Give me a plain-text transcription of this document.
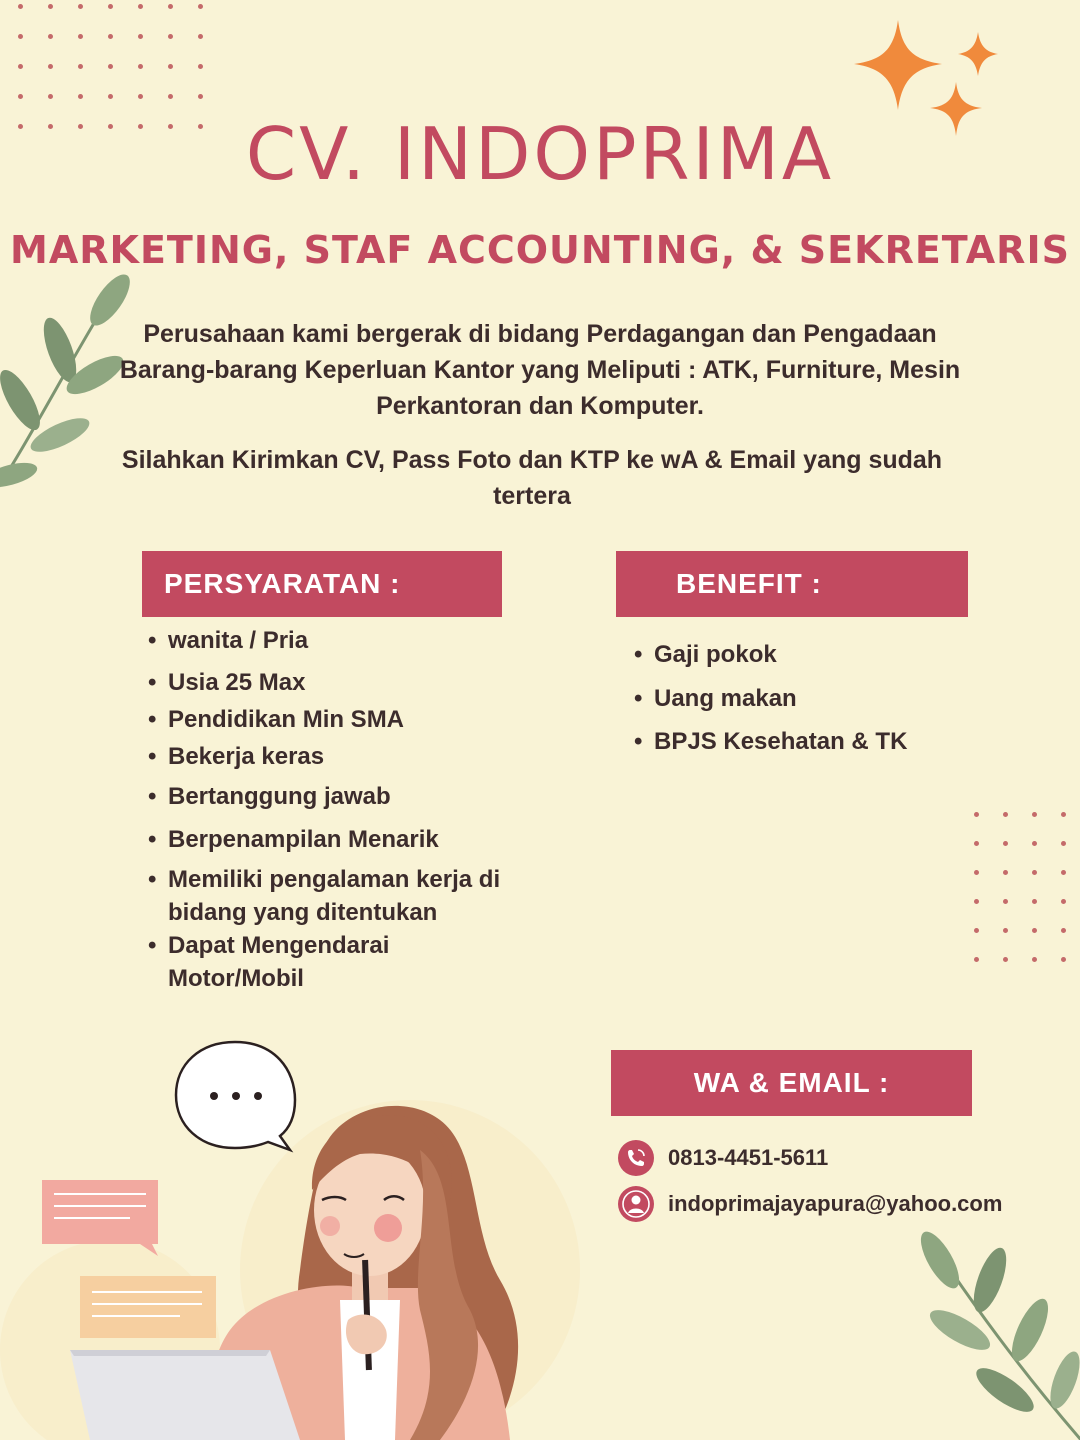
CV. INDOPRIMA
MARKETING, STAF ACCOUNTING, & SEKRETARIS

Perusahaan kami bergerak di bidang Perdagangan dan Pengadaan Barang-barang Keperluan Kantor yang Meliputi : ATK, Furniture, Mesin Perkantoran dan Komputer.

Silahkan Kirimkan CV, Pass Foto dan KTP ke wA & Email yang sudah tertera

PERSYARATAN :
• wanita / Pria
• Usia 25 Max
• Pendidikan Min SMA
• Bekerja keras
• Bertanggung jawab
• Berpenampilan Menarik
• Memiliki pengalaman kerja di bidang yang ditentukan
• Dapat Mengendarai Motor/Mobil
BENEFIT :
• Gaji pokok
• Uang makan
• BPJS Kesehatan & TK
WA & EMAIL :
0813-4451-5611
indoprimajayapura@yahoo.com
